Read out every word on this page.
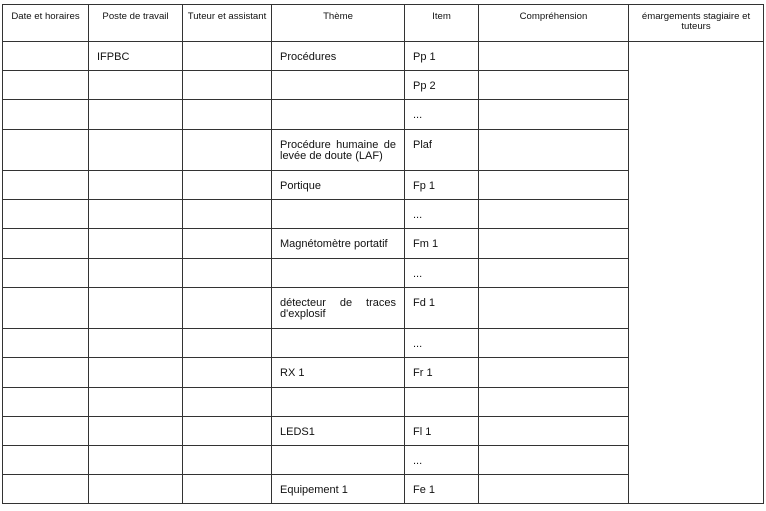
Date et horaires	Poste de travail	Tuteur et assistant	Thème	Item	Compréhension	émargements stagiaire et tuteurs
	IFPBC		Procédures	Pp 1		
				Pp 2		
				...		
			Procédure humaine de levée de doute (LAF)	Plaf		
			Portique	Fp 1		
				...		
			Magnétomètre portatif	Fm 1		
				...		
			détecteur de traces d'explosif	Fd 1		
				...		
			RX 1	Fr 1		

			LEDS1	Fl 1		
				...		
			Equipement 1	Fe 1		
